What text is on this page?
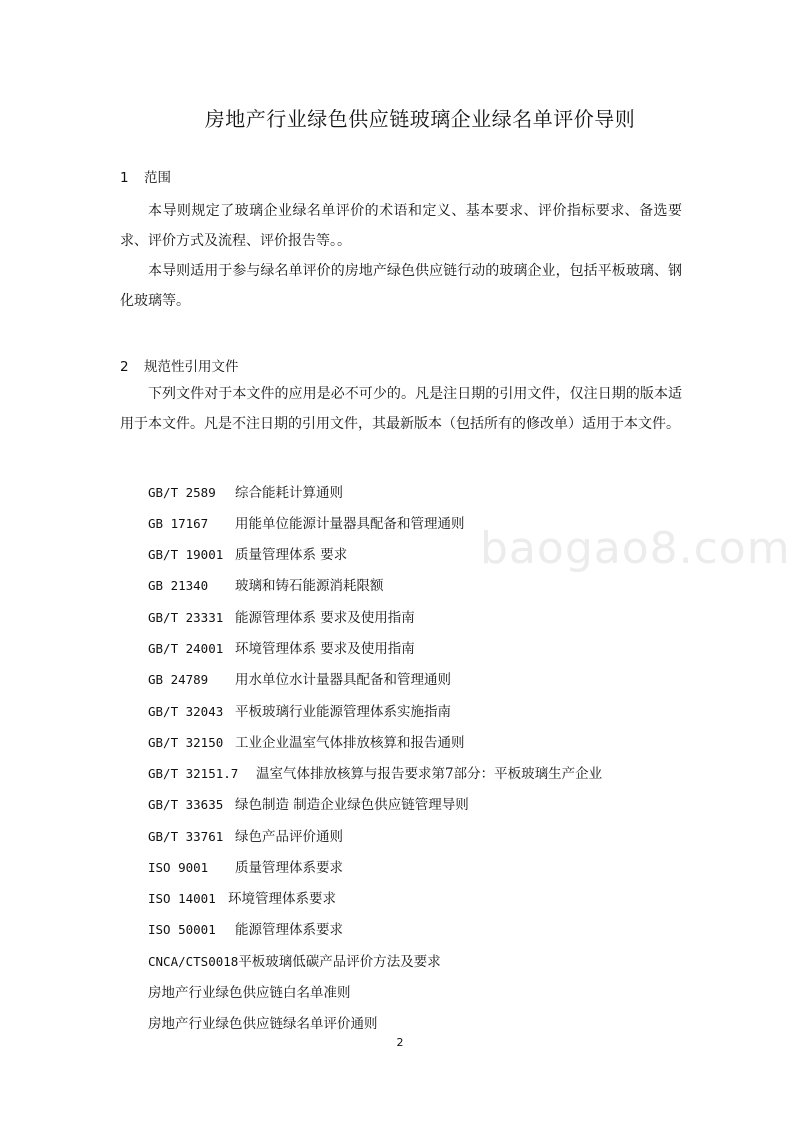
baogao8.com
房地产行业绿色供应链玻璃企业绿名单评价导则
1 范围
本导则规定了玻璃企业绿名单评价的术语和定义、基本要求、评价指标要求、备选要求、评价方式及流程、评价报告等。。
本导则适用于参与绿名单评价的房地产绿色供应链行动的玻璃企业，包括平板玻璃、钢化玻璃等。
2 规范性引用文件
下列文件对于本文件的应用是必不可少的。凡是注日期的引用文件，仅注日期的版本适用于本文件。凡是不注日期的引用文件，其最新版本（包括所有的修改单）适用于本文件。
GB/T 2589 综合能耗计算通则
GB 17167 用能单位能源计量器具配备和管理通则
GB/T 19001 质量管理体系 要求
GB 21340 玻璃和铸石能源消耗限额
GB/T 23331 能源管理体系 要求及使用指南
GB/T 24001 环境管理体系 要求及使用指南
GB 24789 用水单位水计量器具配备和管理通则
GB/T 32043 平板玻璃行业能源管理体系实施指南
GB/T 32150 工业企业温室气体排放核算和报告通则
GB/T 32151.7 温室气体排放核算与报告要求第7部分：平板玻璃生产企业
GB/T 33635 绿色制造 制造企业绿色供应链管理导则
GB/T 33761 绿色产品评价通则
ISO 9001 质量管理体系要求
ISO 14001 环境管理体系要求
ISO 50001 能源管理体系要求
CNCA/CTS0018平板玻璃低碳产品评价方法及要求
房地产行业绿色供应链白名单准则
房地产行业绿色供应链绿名单评价通则
2
